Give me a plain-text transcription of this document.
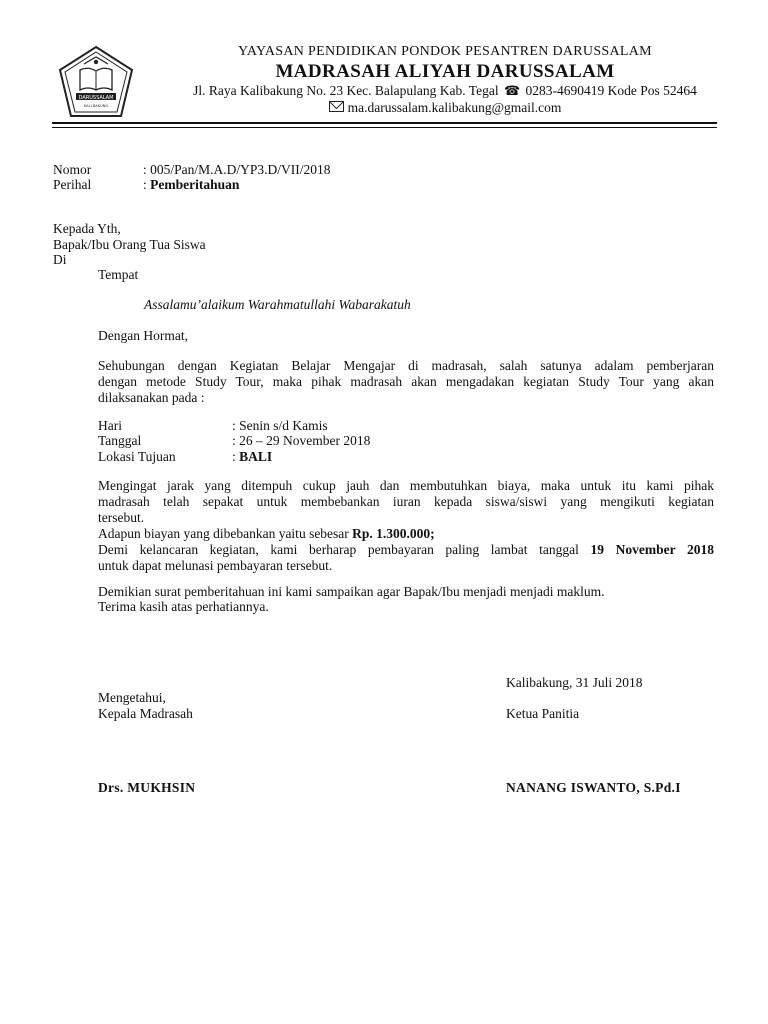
DARUSSALAM
KALI BAKUNG
YAYASAN PENDIDIKAN PONDOK PESANTREN DARUSSALAM
MADRASAH ALIYAH DARUSSALAM
Jl. Raya Kalibakung No. 23 Kec. Balapulang Kab. Tegal ☎ 0283-4690419 Kode Pos 52464
ma.darussalam.kalibakung@gmail.com
Nomor	: 005/Pan/M.A.D/YP3.D/VII/2018
Perihal	: Pemberitahuan
Kepada Yth,
Bapak/Ibu Orang Tua Siswa
Di
Tempat
Assalamu’alaikum Warahmatullahi Wabarakatuh
Dengan Hormat,
Sehubungan dengan Kegiatan Belajar Mengajar di madrasah, salah satunya adalam pemberjaran
dengan metode Study Tour, maka pihak madrasah akan mengadakan kegiatan Study Tour yang akan
dilaksanakan pada :
Hari	: Senin s/d Kamis
Tanggal	: 26 – 29 November 2018
Lokasi Tujuan	: BALI
Mengingat jarak yang ditempuh cukup jauh dan membutuhkan biaya, maka untuk itu kami pihak
madrasah telah sepakat untuk membebankan iuran kepada siswa/siswi yang mengikuti kegiatan
tersebut.
Adapun biayan yang dibebankan yaitu sebesar Rp. 1.300.000;
Demi kelancaran kegiatan, kami berharap pembayaran paling lambat tanggal 19 November 2018
untuk dapat melunasi pembayaran tersebut.
Demikian surat pemberitahuan ini kami sampaikan agar Bapak/Ibu menjadi menjadi maklum.
Terima kasih atas perhatiannya.
Kalibakung, 31 Juli 2018
Mengetahui,
Kepala Madrasah	Ketua Panitia
Drs. MUKHSIN	NANANG ISWANTO, S.Pd.I
